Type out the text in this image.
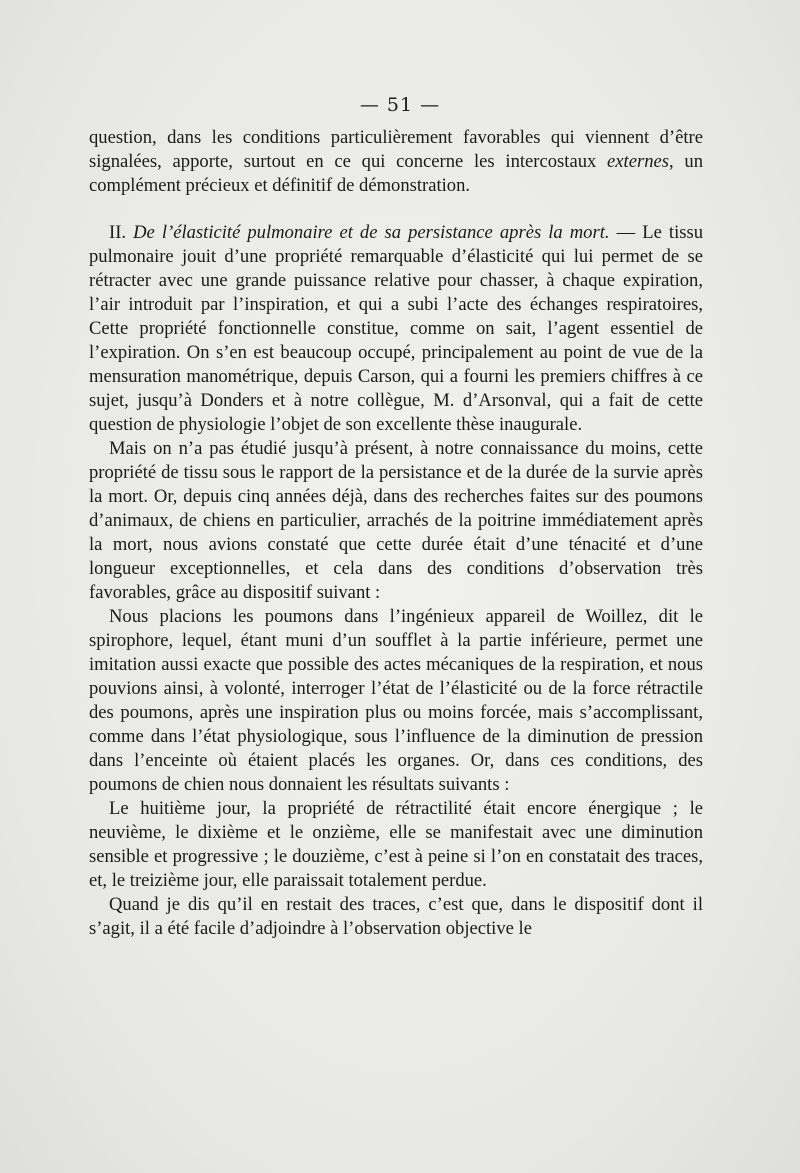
— 51 —

question, dans les conditions particulièrement favorables qui viennent d’être signalées, apporte, surtout en ce qui concerne les intercostaux externes, un complément précieux et définitif de démonstration.

II. De l’élasticité pulmonaire et de sa persistance après la mort. — Le tissu pulmonaire jouit d’une propriété remarquable d’élasticité qui lui permet de se rétracter avec une grande puissance relative pour chasser, à chaque expiration, l’air introduit par l’inspiration, et qui a subi l’acte des échanges respiratoires, Cette propriété fonctionnelle constitue, comme on sait, l’agent essentiel de l’expiration. On s’en est beaucoup occupé, principalement au point de vue de la mensuration manométrique, depuis Carson, qui a fourni les premiers chiffres à ce sujet, jusqu’à Donders et à notre collègue, M. d’Arsonval, qui a fait de cette question de physiologie l’objet de son excellente thèse inaugurale.

Mais on n’a pas étudié jusqu’à présent, à notre connaissance du moins, cette propriété de tissu sous le rapport de la persistance et de la durée de la survie après la mort. Or, depuis cinq années déjà, dans des recherches faites sur des poumons d’animaux, de chiens en particulier, arrachés de la poitrine immédiatement après la mort, nous avions constaté que cette durée était d’une ténacité et d’une longueur exceptionnelles, et cela dans des conditions d’observation très favorables, grâce au dispositif suivant :

Nous placions les poumons dans l’ingénieux appareil de Woillez, dit le spirophore, lequel, étant muni d’un soufflet à la partie inférieure, permet une imitation aussi exacte que possible des actes mécaniques de la respiration, et nous pouvions ainsi, à volonté, interroger l’état de l’élasticité ou de la force rétractile des poumons, après une inspiration plus ou moins forcée, mais s’accomplissant, comme dans l’état physiologique, sous l’influence de la diminution de pression dans l’enceinte où étaient placés les organes. Or, dans ces conditions, des poumons de chien nous donnaient les résultats suivants :

Le huitième jour, la propriété de rétractilité était encore énergique ; le neuvième, le dixième et le onzième, elle se manifestait avec une diminution sensible et progressive ; le douzième, c’est à peine si l’on en constatait des traces, et, le treizième jour, elle paraissait totalement perdue.

Quand je dis qu’il en restait des traces, c’est que, dans le dispositif dont il s’agit, il a été facile d’adjoindre à l’observation objective le
